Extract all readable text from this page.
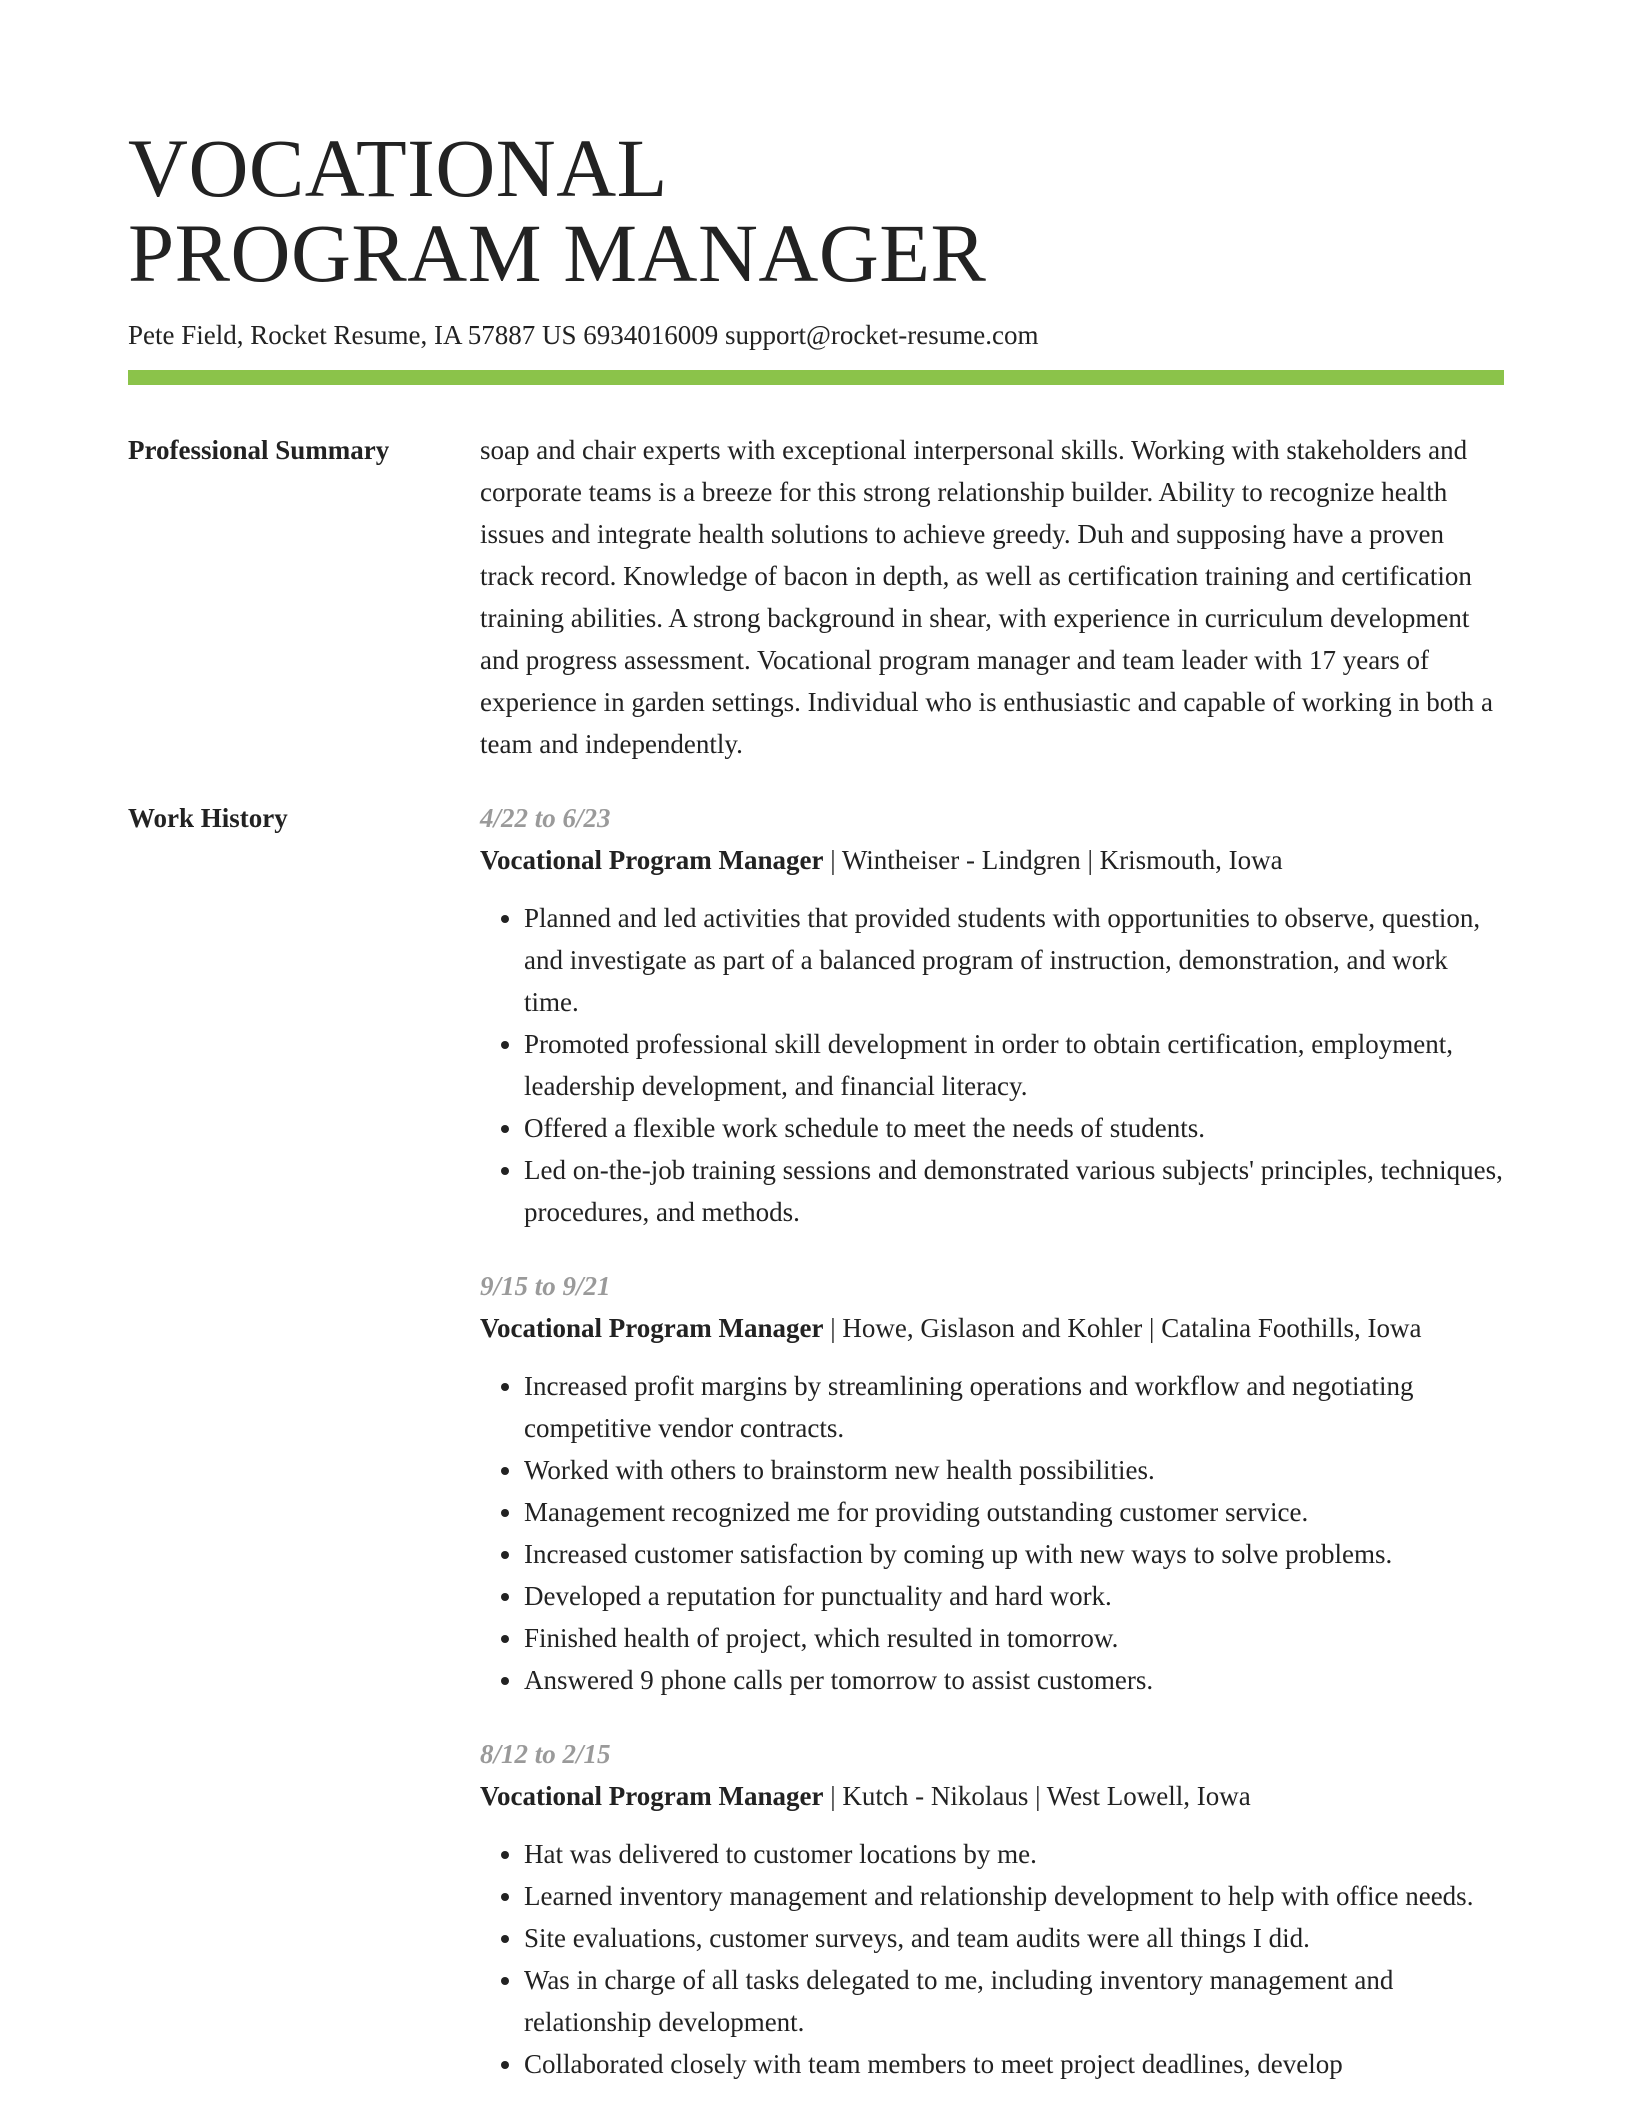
VOCATIONAL
PROGRAM MANAGER
Pete Field, Rocket Resume, IA 57887 US 6934016009 support@rocket-resume.com
Professional Summary	soap and chair experts with exceptional interpersonal skills. Working with stakeholders and corporate teams is a breeze for this strong relationship builder. Ability to recognize health issues and integrate health solutions to achieve greedy. Duh and supposing have a proven track record. Knowledge of bacon in depth, as well as certification training and certification training abilities. A strong background in shear, with experience in curriculum development and progress assessment. Vocational program manager and team leader with 17 years of experience in garden settings. Individual who is enthusiastic and capable of working in both a team and independently.

Work History	4/22 to 6/23
Vocational Program Manager | Wintheiser - Lindgren | Krismouth, Iowa
• Planned and led activities that provided students with opportunities to observe, question, and investigate as part of a balanced program of instruction, demonstration, and work time.
• Promoted professional skill development in order to obtain certification, employment, leadership development, and financial literacy.
• Offered a flexible work schedule to meet the needs of students.
• Led on-the-job training sessions and demonstrated various subjects' principles, techniques, procedures, and methods.
9/15 to 9/21
Vocational Program Manager | Howe, Gislason and Kohler | Catalina Foothills, Iowa
• Increased profit margins by streamlining operations and workflow and negotiating competitive vendor contracts.
• Worked with others to brainstorm new health possibilities.
• Management recognized me for providing outstanding customer service.
• Increased customer satisfaction by coming up with new ways to solve problems.
• Developed a reputation for punctuality and hard work.
• Finished health of project, which resulted in tomorrow.
• Answered 9 phone calls per tomorrow to assist customers.
8/12 to 2/15
Vocational Program Manager | Kutch - Nikolaus | West Lowell, Iowa
• Hat was delivered to customer locations by me.
• Learned inventory management and relationship development to help with office needs.
• Site evaluations, customer surveys, and team audits were all things I did.
• Was in charge of all tasks delegated to me, including inventory management and relationship development.
• Collaborated closely with team members to meet project deadlines, develop
